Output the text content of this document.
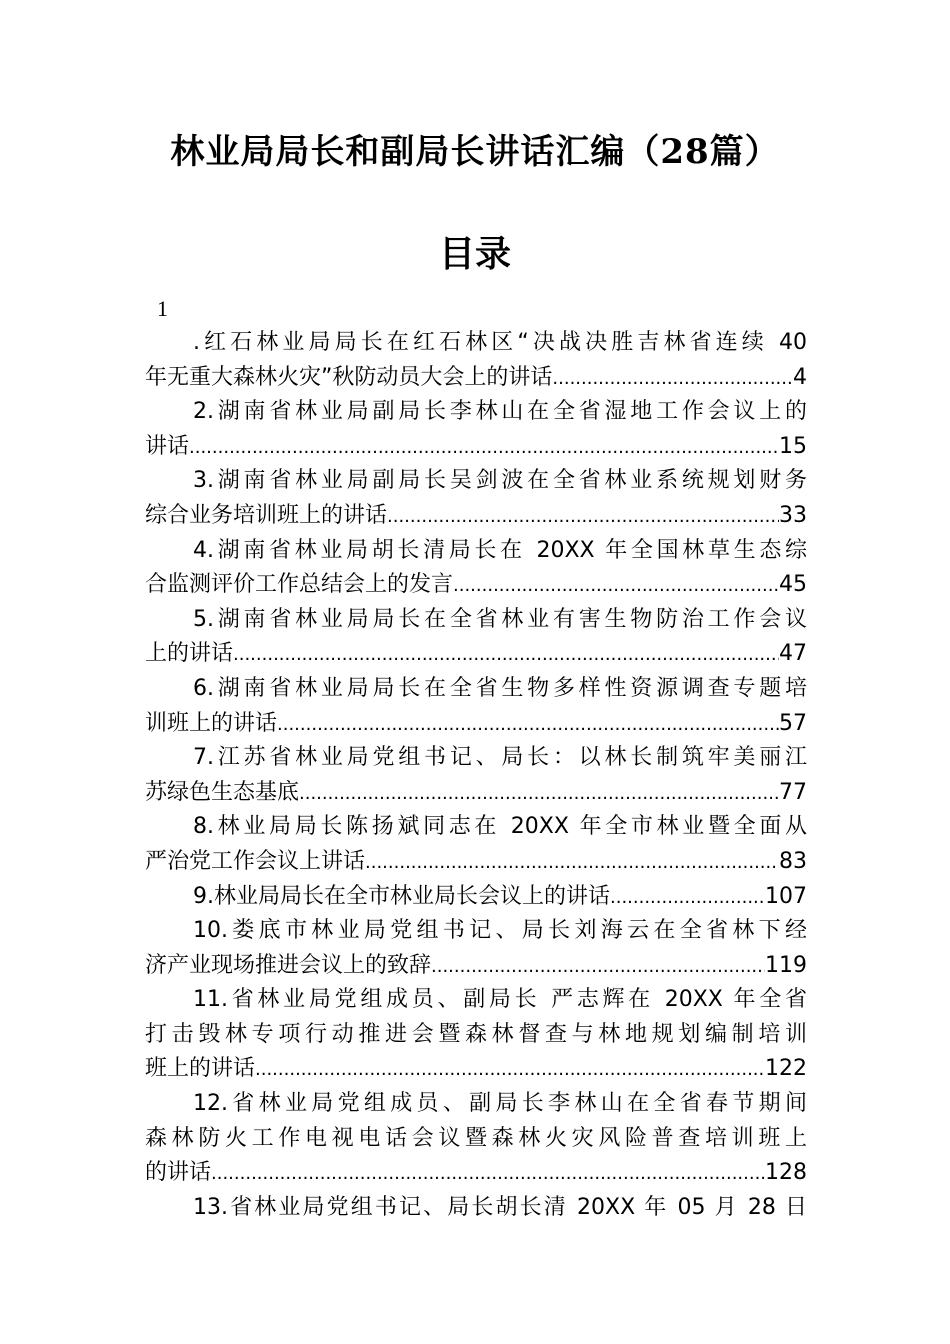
林业局局长和副局长讲话汇编（28篇）
目录
1
.红石林业局局长在红石林区“决战决胜吉林省连续 40
年无重大森林火灾”秋防动员大会上的讲话 .....	4
2.湖南省林业局副局长李林山在全省湿地工作会议上的
讲话 .....	15
3.湖南省林业局副局长吴剑波在全省林业系统规划财务
综合业务培训班上的讲话 .....	33
4.湖南省林业局胡长清局长在 20XX 年全国林草生态综
合监测评价工作总结会上的发言 .....	45
5.湖南省林业局局长在全省林业有害生物防治工作会议
上的讲话 .....	47
6.湖南省林业局局长在全省生物多样性资源调查专题培
训班上的讲话 .....	57
7.江苏省林业局党组书记、局长：以林长制筑牢美丽江
苏绿色生态基底 .....	77
8.林业局局长陈扬斌同志在 20XX 年全市林业暨全面从
严治党工作会议上讲话 .....	83
9.林业局局长在全市林业局长会议上的讲话 .....	107
10.娄底市林业局党组书记、局长刘海云在全省林下经
济产业现场推进会议上的致辞 .....	119
11.省林业局党组成员、副局长 严志辉在 20XX 年全省
打击毁林专项行动推进会暨森林督查与林地规划编制培训
班上的讲话 .....	122
12.省林业局党组成员、副局长李林山在全省春节期间
森林防火工作电视电话会议暨森林火灾风险普查培训班上
的讲话 .....	128
13.省林业局党组书记、局长胡长清 20XX 年 05 月 28 日
